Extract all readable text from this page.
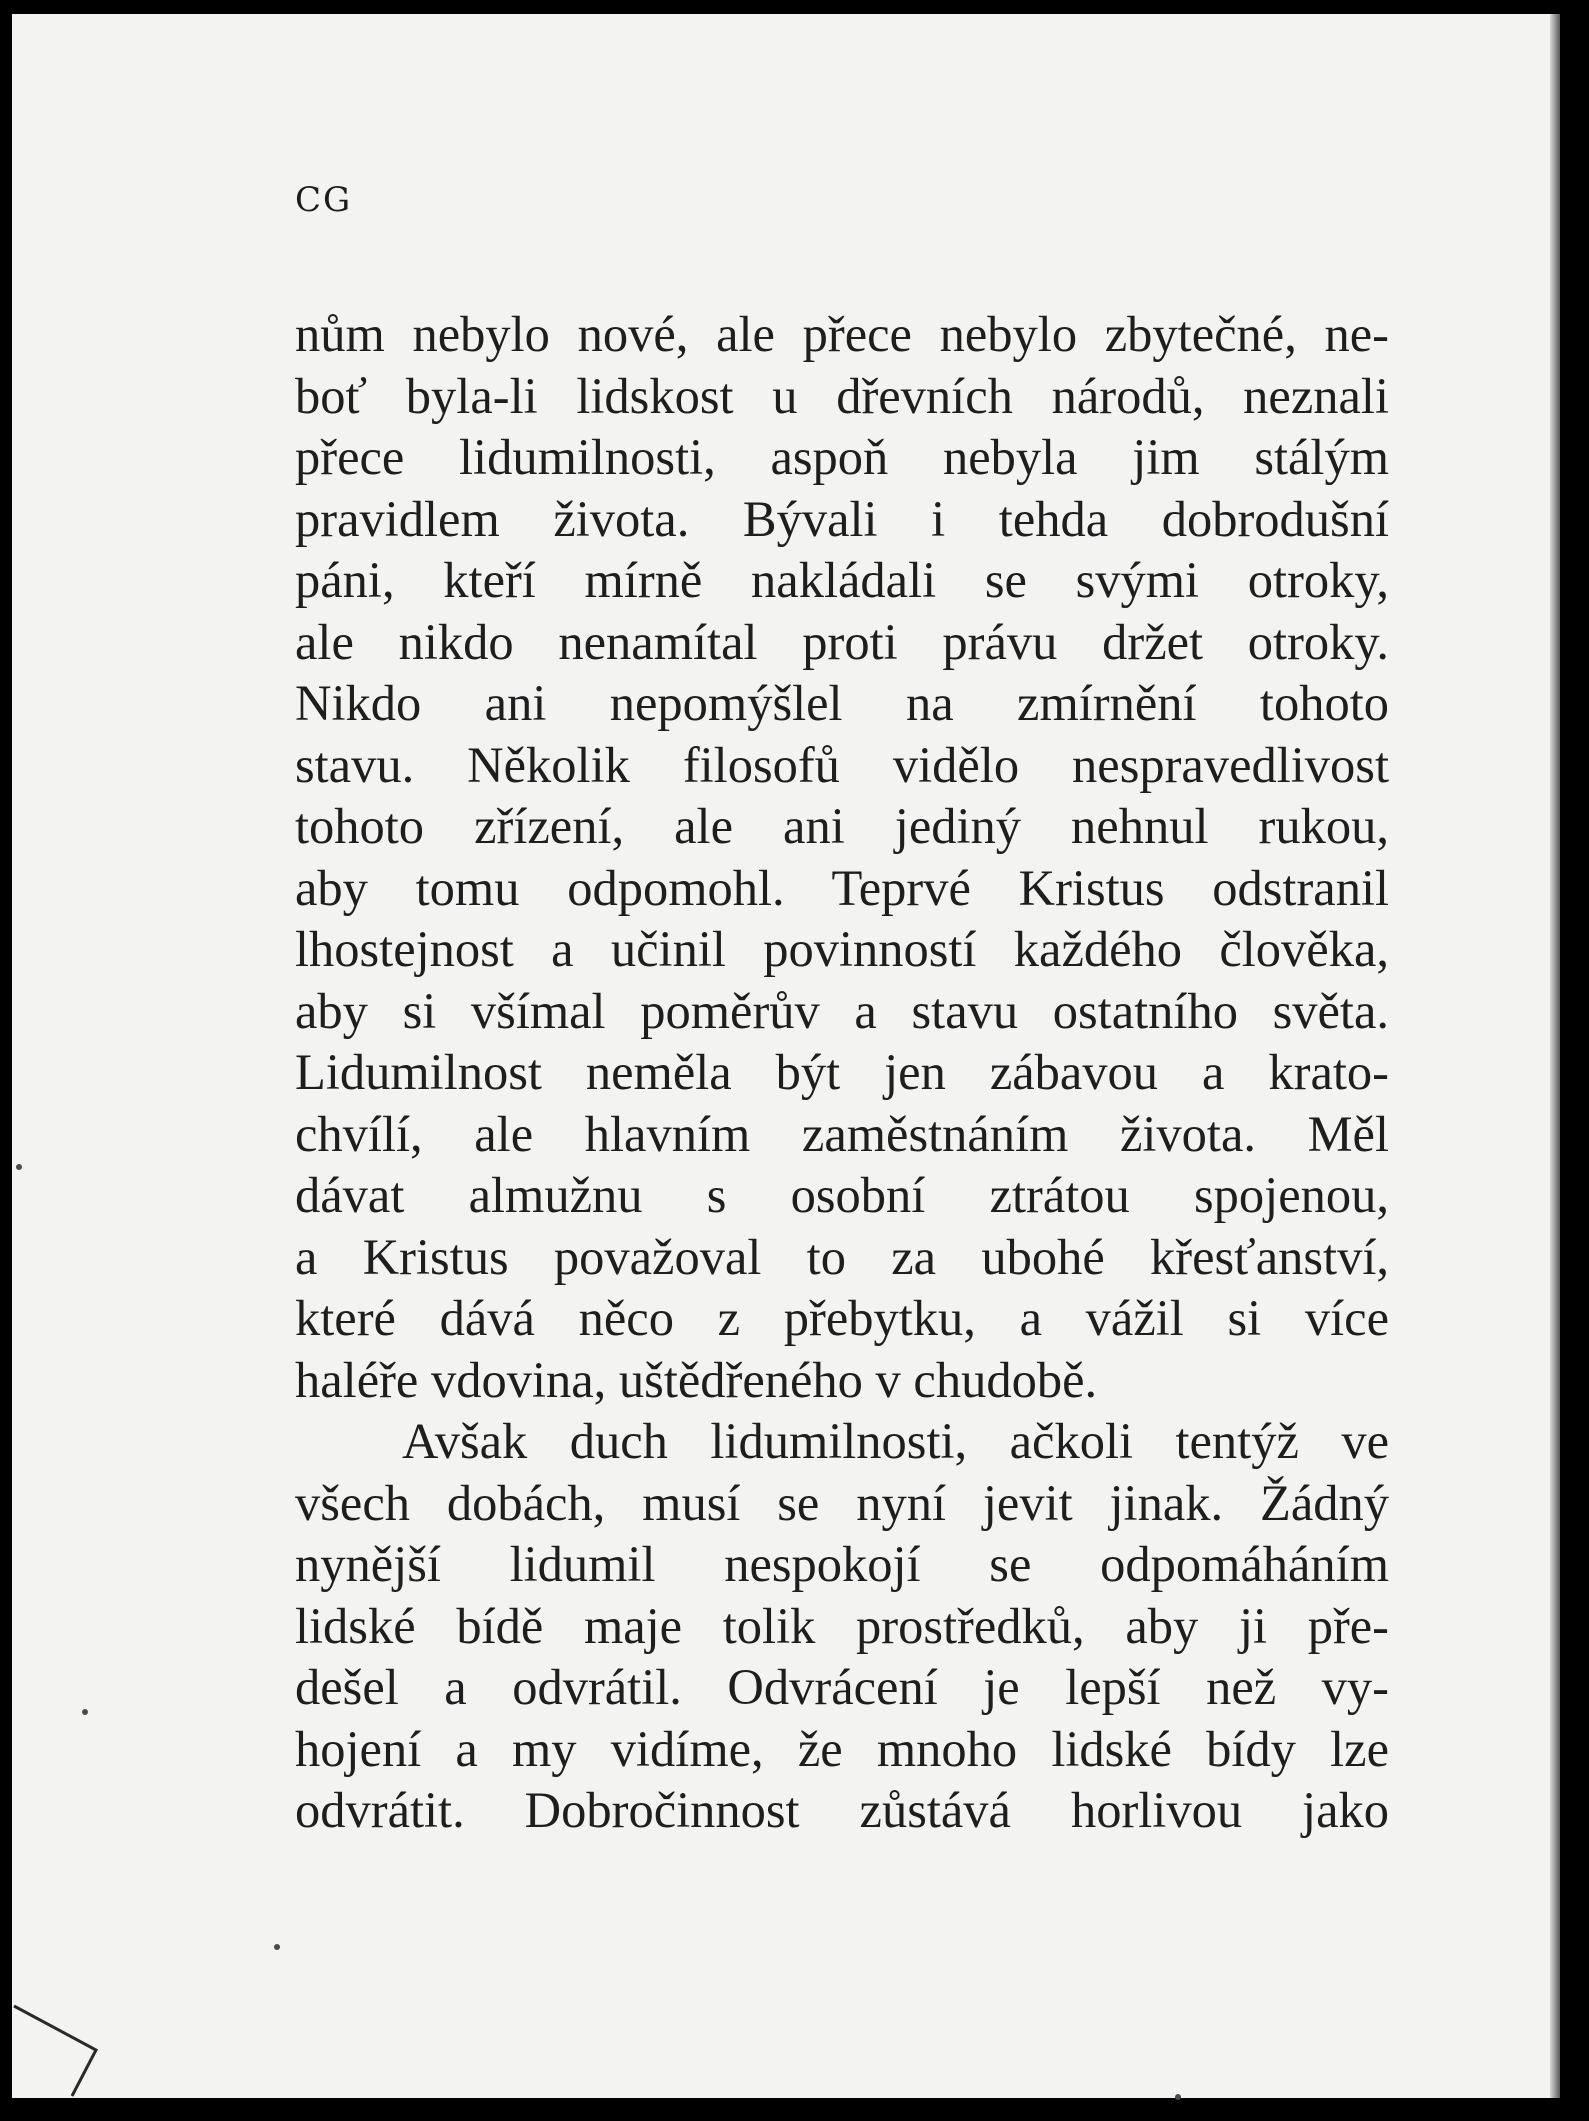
CG
nům nebylo nové, ale přece nebylo zbytečné, ne-
boť byla-li lidskost u dřevních národů, neznali
přece lidumilnosti, aspoň nebyla jim stálým
pravidlem života. Bývali i tehda dobrodušní
páni, kteří mírně nakládali se svými otroky,
ale nikdo nenamítal proti právu držet otroky.
Nikdo ani nepomýšlel na zmírnění tohoto
stavu. Několik filosofů vidělo nespravedlivost
tohoto zřízení, ale ani jediný nehnul rukou,
aby tomu odpomohl. Teprvé Kristus odstranil
lhostejnost a učinil povinností každého člověka,
aby si všímal poměrův a stavu ostatního světa.
Lidumilnost neměla být jen zábavou a krato-
chvílí, ale hlavním zaměstnáním života. Měl
dávat almužnu s osobní ztrátou spojenou,
a Kristus považoval to za ubohé křesťanství,
které dává něco z přebytku, a vážil si více
haléře vdovina, uštědřeného v chudobě.
Avšak duch lidumilnosti, ačkoli tentýž ve
všech dobách, musí se nyní jevit jinak. Žádný
nynější lidumil nespokojí se odpomáháním
lidské bídě maje tolik prostředků, aby ji pře-
dešel a odvrátil. Odvrácení je lepší než vy-
hojení a my vidíme, že mnoho lidské bídy lze
odvrátit. Dobročinnost zůstává horlivou jako
